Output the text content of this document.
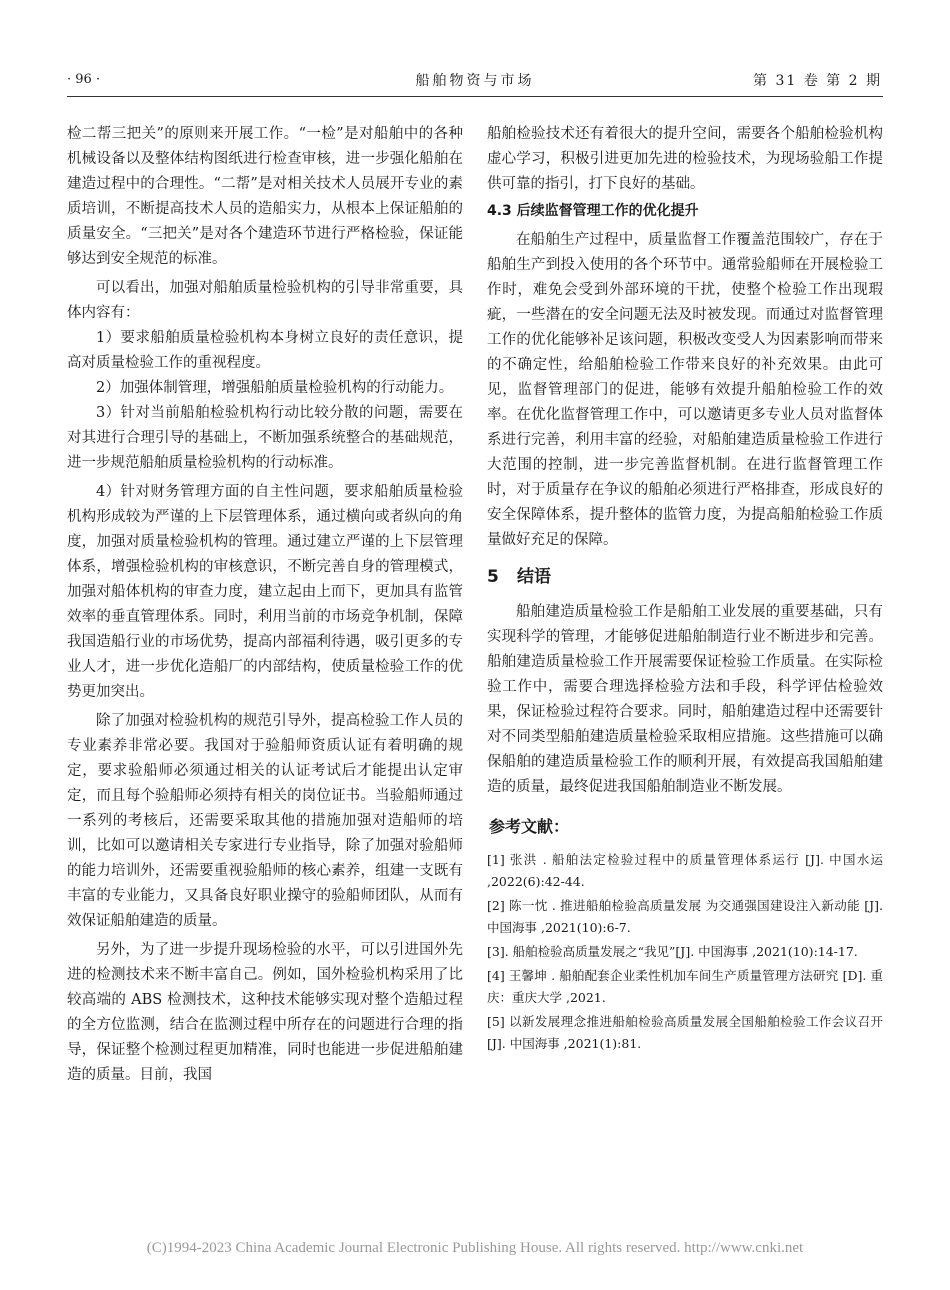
· 96 ·	船舶物资与市场	第 31 卷 第 2 期

检二帮三把关”的原则来开展工作。“一检”是对船舶中的各种机械设备以及整体结构图纸进行检查审核，进一步强化船舶在建造过程中的合理性。“二帮”是对相关技术人员展开专业的素质培训，不断提高技术人员的造船实力，从根本上保证船舶的质量安全。“三把关”是对各个建造环节进行严格检验，保证能够达到安全规范的标准。

可以看出，加强对船舶质量检验机构的引导非常重要，具体内容有：

1）要求船舶质量检验机构本身树立良好的责任意识，提高对质量检验工作的重视程度。

2）加强体制管理，增强船舶质量检验机构的行动能力。

3）针对当前船舶检验机构行动比较分散的问题，需要在对其进行合理引导的基础上，不断加强系统整合的基础规范，进一步规范船舶质量检验机构的行动标准。

4）针对财务管理方面的自主性问题，要求船舶质量检验机构形成较为严谨的上下层管理体系，通过横向或者纵向的角度，加强对质量检验机构的管理。通过建立严谨的上下层管理体系，增强检验机构的审核意识，不断完善自身的管理模式，加强对船体机构的审查力度，建立起由上而下，更加具有监管效率的垂直管理体系。同时，利用当前的市场竞争机制，保障我国造船行业的市场优势，提高内部福利待遇，吸引更多的专业人才，进一步优化造船厂的内部结构，使质量检验工作的优势更加突出。

除了加强对检验机构的规范引导外，提高检验工作人员的专业素养非常必要。我国对于验船师资质认证有着明确的规定，要求验船师必须通过相关的认证考试后才能提出认定审定，而且每个验船师必须持有相关的岗位证书。当验船师通过一系列的考核后，还需要采取其他的措施加强对造船师的培训，比如可以邀请相关专家进行专业指导，除了加强对验船师的能力培训外，还需要重视验船师的核心素养，组建一支既有丰富的专业能力，又具备良好职业操守的验船师团队，从而有效保证船舶建造的质量。

另外，为了进一步提升现场检验的水平，可以引进国外先进的检测技术来不断丰富自己。例如，国外检验机构采用了比较高端的 ABS 检测技术，这种技术能够实现对整个造船过程的全方位监测，结合在监测过程中所存在的问题进行合理的指导，保证整个检测过程更加精准，同时也能进一步促进船舶建造的质量。目前，我国

船舶检验技术还有着很大的提升空间，需要各个船舶检验机构虚心学习，积极引进更加先进的检验技术，为现场验船工作提供可靠的指引，打下良好的基础。

4.3 后续监督管理工作的优化提升

在船舶生产过程中，质量监督工作覆盖范围较广，存在于船舶生产到投入使用的各个环节中。通常验船师在开展检验工作时，难免会受到外部环境的干扰，使整个检验工作出现瑕疵，一些潜在的安全问题无法及时被发现。而通过对监督管理工作的优化能够补足该问题，积极改变受人为因素影响而带来的不确定性，给船舶检验工作带来良好的补充效果。由此可见，监督管理部门的促进，能够有效提升船舶检验工作的效率。在优化监督管理工作中，可以邀请更多专业人员对监督体系进行完善，利用丰富的经验，对船舶建造质量检验工作进行大范围的控制，进一步完善监督机制。在进行监督管理工作时，对于质量存在争议的船舶必须进行严格排查，形成良好的安全保障体系，提升整体的监管力度，为提高船舶检验工作质量做好充足的保障。

5 结语

船舶建造质量检验工作是船舶工业发展的重要基础，只有实现科学的管理，才能够促进船舶制造行业不断进步和完善。船舶建造质量检验工作开展需要保证检验工作质量。在实际检验工作中，需要合理选择检验方法和手段，科学评估检验效果，保证检验过程符合要求。同时，船舶建造过程中还需要针对不同类型船舶建造质量检验采取相应措施。这些措施可以确保船舶的建造质量检验工作的顺利开展，有效提高我国船舶建造的质量，最终促进我国船舶制造业不断发展。

参考文献：

[1] 张洪 . 船舶法定检验过程中的质量管理体系运行 [J]. 中国水运 ,2022(6):42-44.

[2] 陈一忱 . 推进船舶检验高质量发展 为交通强国建设注入新动能 [J]. 中国海事 ,2021(10):6-7.

[3]. 船舶检验高质量发展之“我见”[J]. 中国海事 ,2021(10):14-17.

[4] 王馨坤 . 船舶配套企业柔性机加车间生产质量管理方法研究 [D]. 重庆：重庆大学 ,2021.

[5] 以新发展理念推进船舶检验高质量发展全国船舶检验工作会议召开 [J]. 中国海事 ,2021(1):81.

(C)1994-2023 China Academic Journal Electronic Publishing House. All rights reserved. http://www.cnki.net
